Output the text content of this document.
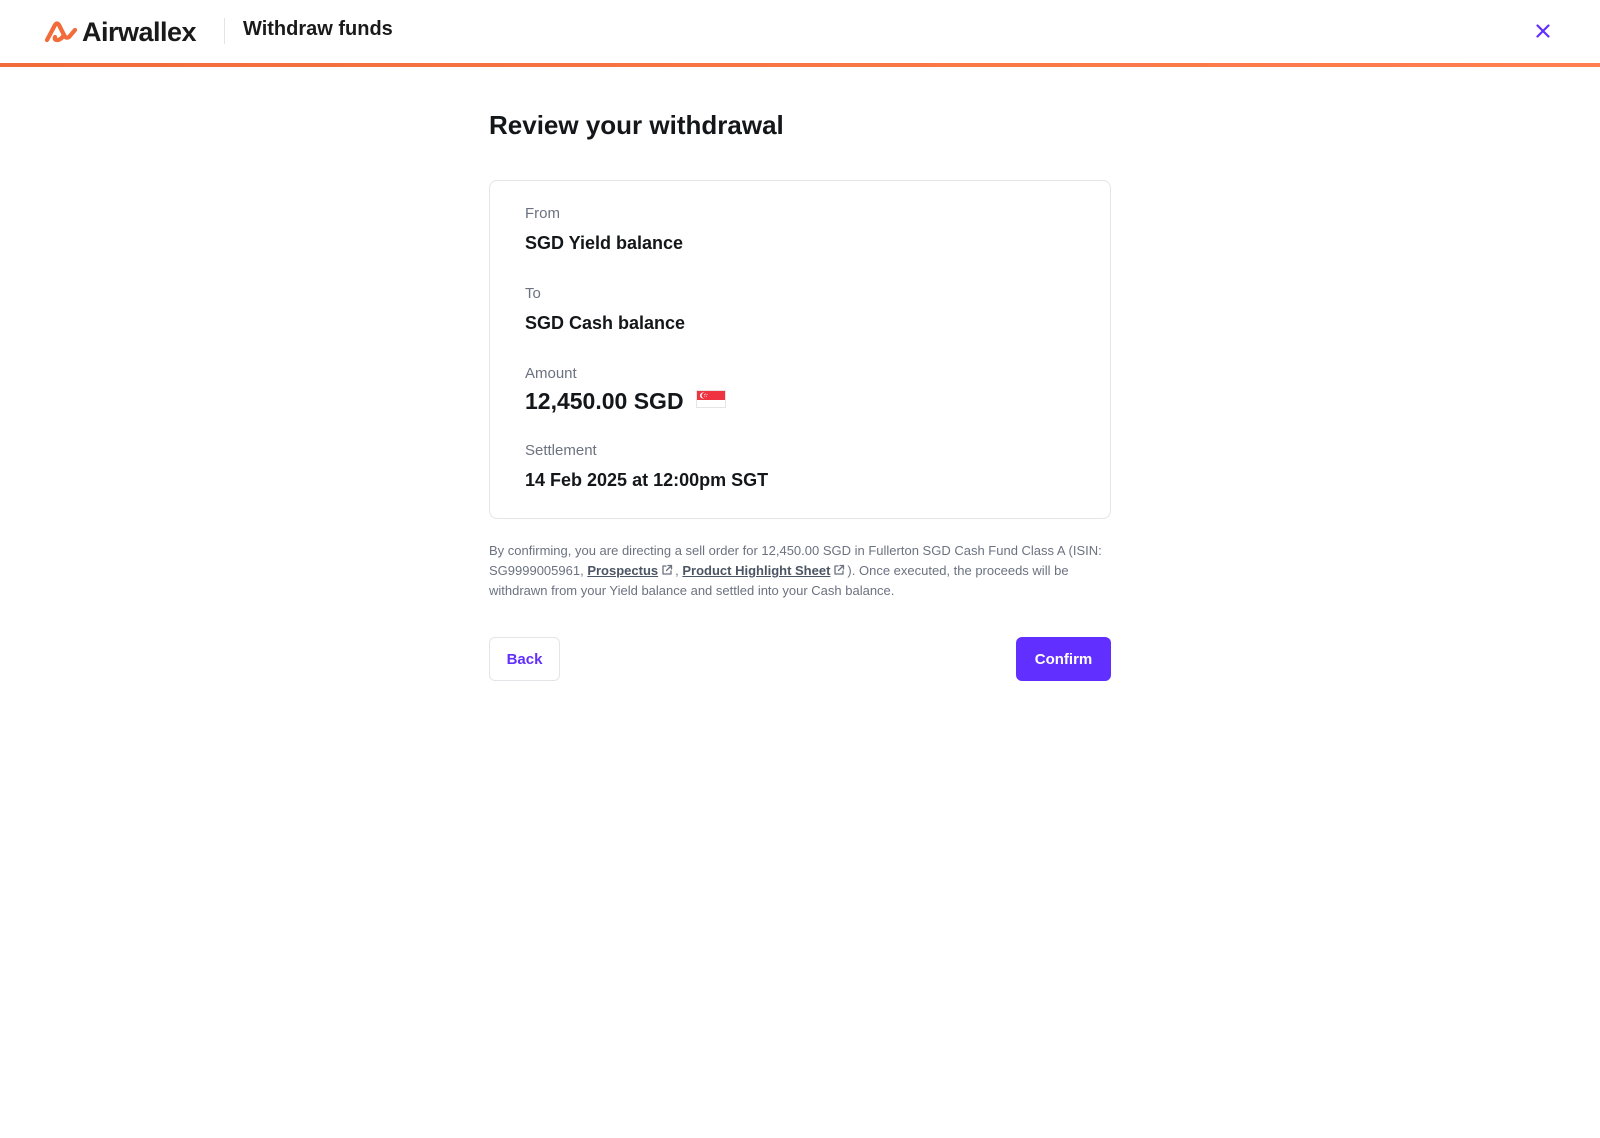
Airwallex Withdraw funds
Review your withdrawal
From
SGD Yield balance
To
SGD Cash balance
Amount
12,450.00 SGD
Settlement
14 Feb 2025 at 12:00pm SGT

By confirming, you are directing a sell order for 12,450.00 SGD in Fullerton SGD Cash Fund Class A (ISIN: SG9999005961, Prospectus , Product Highlight Sheet ). Once executed, the proceeds will be withdrawn from your Yield balance and settled into your Cash balance.

Back	Confirm
